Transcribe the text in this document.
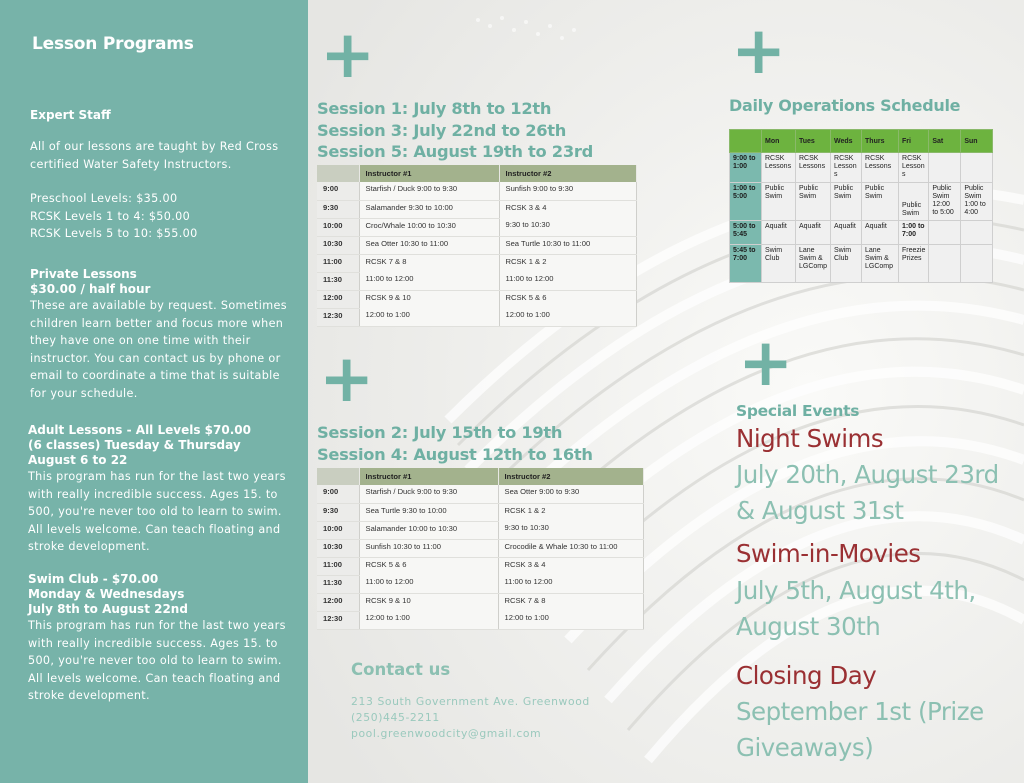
Lesson Programs
Expert Staff
All of our lessons are taught by Red Cross
certified Water Safety Instructors.
Preschool Levels: $35.00
RCSK Levels 1 to 4: $50.00
RCSK Levels 5 to 10: $55.00
Private Lessons
$30.00 / half hour
These are available by request. Sometimes
children learn better and focus more when
they have one on one time with their
instructor. You can contact us by phone or
email to coordinate a time that is suitable
for your schedule.
Adult Lessons - All Levels $70.00
(6 classes) Tuesday & Thursday
August 6 to 22
This program has run for the last two years
with really incredible success. Ages 15. to
500, you're never too old to learn to swim.
All levels welcome. Can teach floating and
stroke development.
Swim Club - $70.00
Monday & Wednesdays
July 8th to August 22nd
This program has run for the last two years
with really incredible success. Ages 15. to
500, you're never too old to learn to swim.
All levels welcome. Can teach floating and
stroke development.
+	+
+	+
Session 1: July 8th to 12th
Session 3: July 22nd to 26th
Session 5: August 19th to 23rd
	Instructor #1	Instructor #2
9:00	Starfish / Duck 9:00 to 9:30	Sunfish 9:00 to 9:30
9:30	Salamander 9:30 to 10:00	RCSK 3 & 4
10:00	Croc/Whale 10:00 to 10:30	9:30 to 10:30
10:30	Sea Otter 10:30 to 11:00	Sea Turtle 10:30 to 11:00
11:00	RCSK 7 & 8	RCSK 1 & 2
11:30	11:00 to 12:00	11:00 to 12:00
12:00	RCSK 9 & 10	RCSK 5 & 6
12:30	12:00 to 1:00	12:00 to 1:00
Session 2: July 15th to 19th
Session 4: August 12th to 16th
	Instructor #1	Instructor #2
9:00	Starfish / Duck 9:00 to 9:30	Sea Otter 9:00 to 9:30
9:30	Sea Turtle 9:30 to 10:00	RCSK 1 & 2
10:00	Salamander 10:00 to 10:30	9:30 to 10:30
10:30	Sunfish 10:30 to 11:00	Crocodile & Whale 10:30 to 11:00
11:00	RCSK 5 & 6	RCSK 3 & 4
11:30	11:00 to 12:00	11:00 to 12:00
12:00	RCSK 9 & 10	RCSK 7 & 8
12:30	12:00 to 1:00	12:00 to 1:00
Daily Operations Schedule
	Mon	Tues	Weds	Thurs	Fri	Sat	Sun
9:00 to 1:00	RCSK Lessons	RCSK Lessons	RCSK Lesson s	RCSK Lessons	RCSK Lesson s		
1:00 to 5:00	Public Swim	Public Swim	Public Swim	Public Swim	Public Swim	Public Swim 12:00 to 5:00	Public Swim 1:00 to 4:00
5:00 to 5:45	Aquafit	Aquafit	Aquafit	Aquafit	1:00 to 7:00		
5:45 to 7:00	Swim Club	Lane Swim & LGComp	Swim Club	Lane Swim & LGComp	Freezie Prizes		
Special Events
Night Swims
July 20th, August 23rd & August 31st
Swim-in-Movies
July 5th, August 4th, August 30th
Closing Day
September 1st (Prize Giveaways)
Contact us
213 South Government Ave. Greenwood
(250)445-2211
pool.greenwoodcity@gmail.com
